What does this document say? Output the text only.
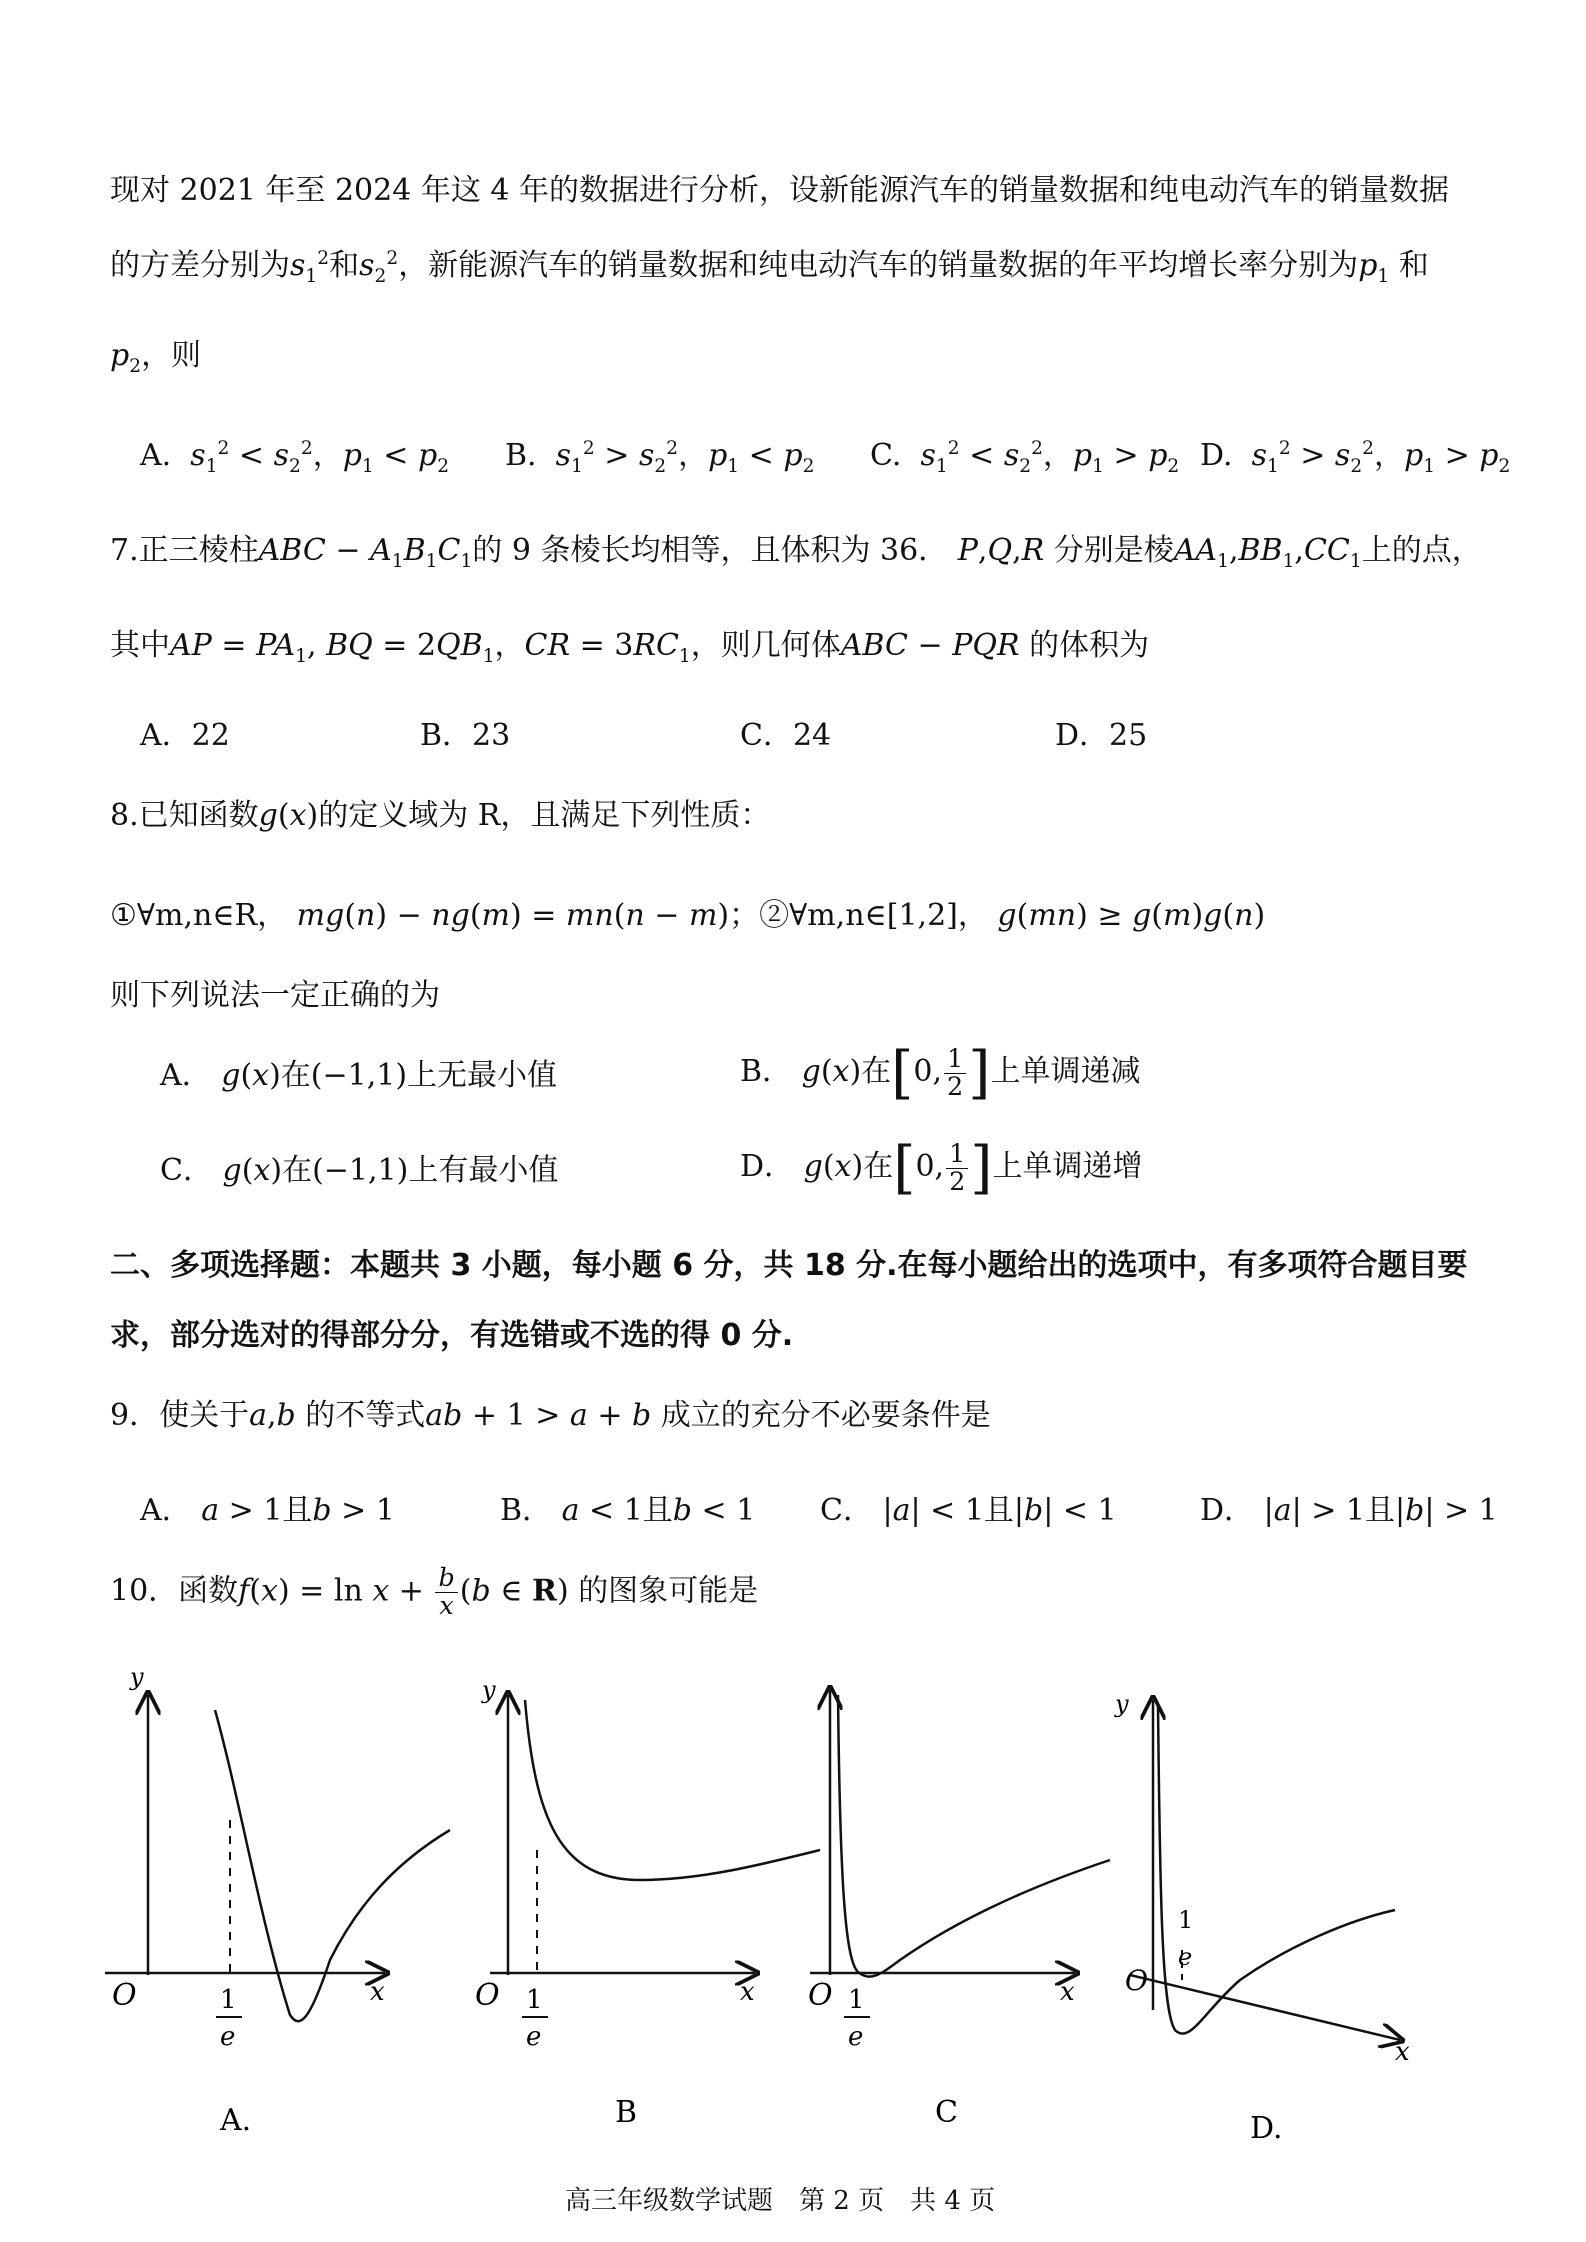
现对 2021 年至 2024 年这 4 年的数据进行分析，设新能源汽车的销量数据和纯电动汽车的销量数据
的方差分别为$s_1^2$和$s_2^2$，新能源汽车的销量数据和纯电动汽车的销量数据的年平均增长率分别为$p_1$ 和
$p_2$，则
A. $s_1^2 < s_2^2$，$p_1 < p_2$ B. $s_1^2 > s_2^2$，$p_1 < p_2$ C. $s_1^2 < s_2^2$，$p_1 > p_2$ D. $s_1^2 > s_2^2$，$p_1 > p_2$
7.正三棱柱ABC − $A_1B_1C_1$的 9 条棱长均相等，且体积为 36． P,Q,R 分别是棱$AA_1,BB_1,CC_1$上的点，
其中AP = $PA_1$, BQ = $2QB_1$，CR = $3RC_1$，则几何体ABC − PQR 的体积为
A．22	B．23	C．24	D．25
8.已知函数g(x)的定义域为 R，且满足下列性质：
①∀m,n∈R， mg(n) − ng(m) = mn(n − m)；②∀m,n∈[1,2]， g(mn) ≥ g(m)g(n)
则下列说法一定正确的为
A． g(x)在(−1,1)上无最小值	B． g(x)在[0, $\frac{1}{2}$ ]上单调递减
C． g(x)在(−1,1)上有最小值	D． g(x)在[0, $\frac{1}{2}$ ]上单调递增
二、多项选择题：本题共 3 小题，每小题 6 分，共 18 分.在每小题给出的选项中，有多项符合题目要
求，部分选对的得部分分，有选错或不选的得 0 分.
9．使关于a,b 的不等式ab + 1 > a + b 成立的充分不必要条件是
A． a > 1且b > 1	B． a < 1且b < 1 C． |a| < 1且|b| < 1	D． |a| > 1且|b| > 1
10．函数$f(x) = \ln x + \frac{b}{x} (b$ ∈ R) 的图象可能是
y
O	1
e
x
A.
y
O 1
e
x
B
O 1
e
x
C
y
O
1
e
x
D.
高三年级数学试题　第 2 页　共 4 页
